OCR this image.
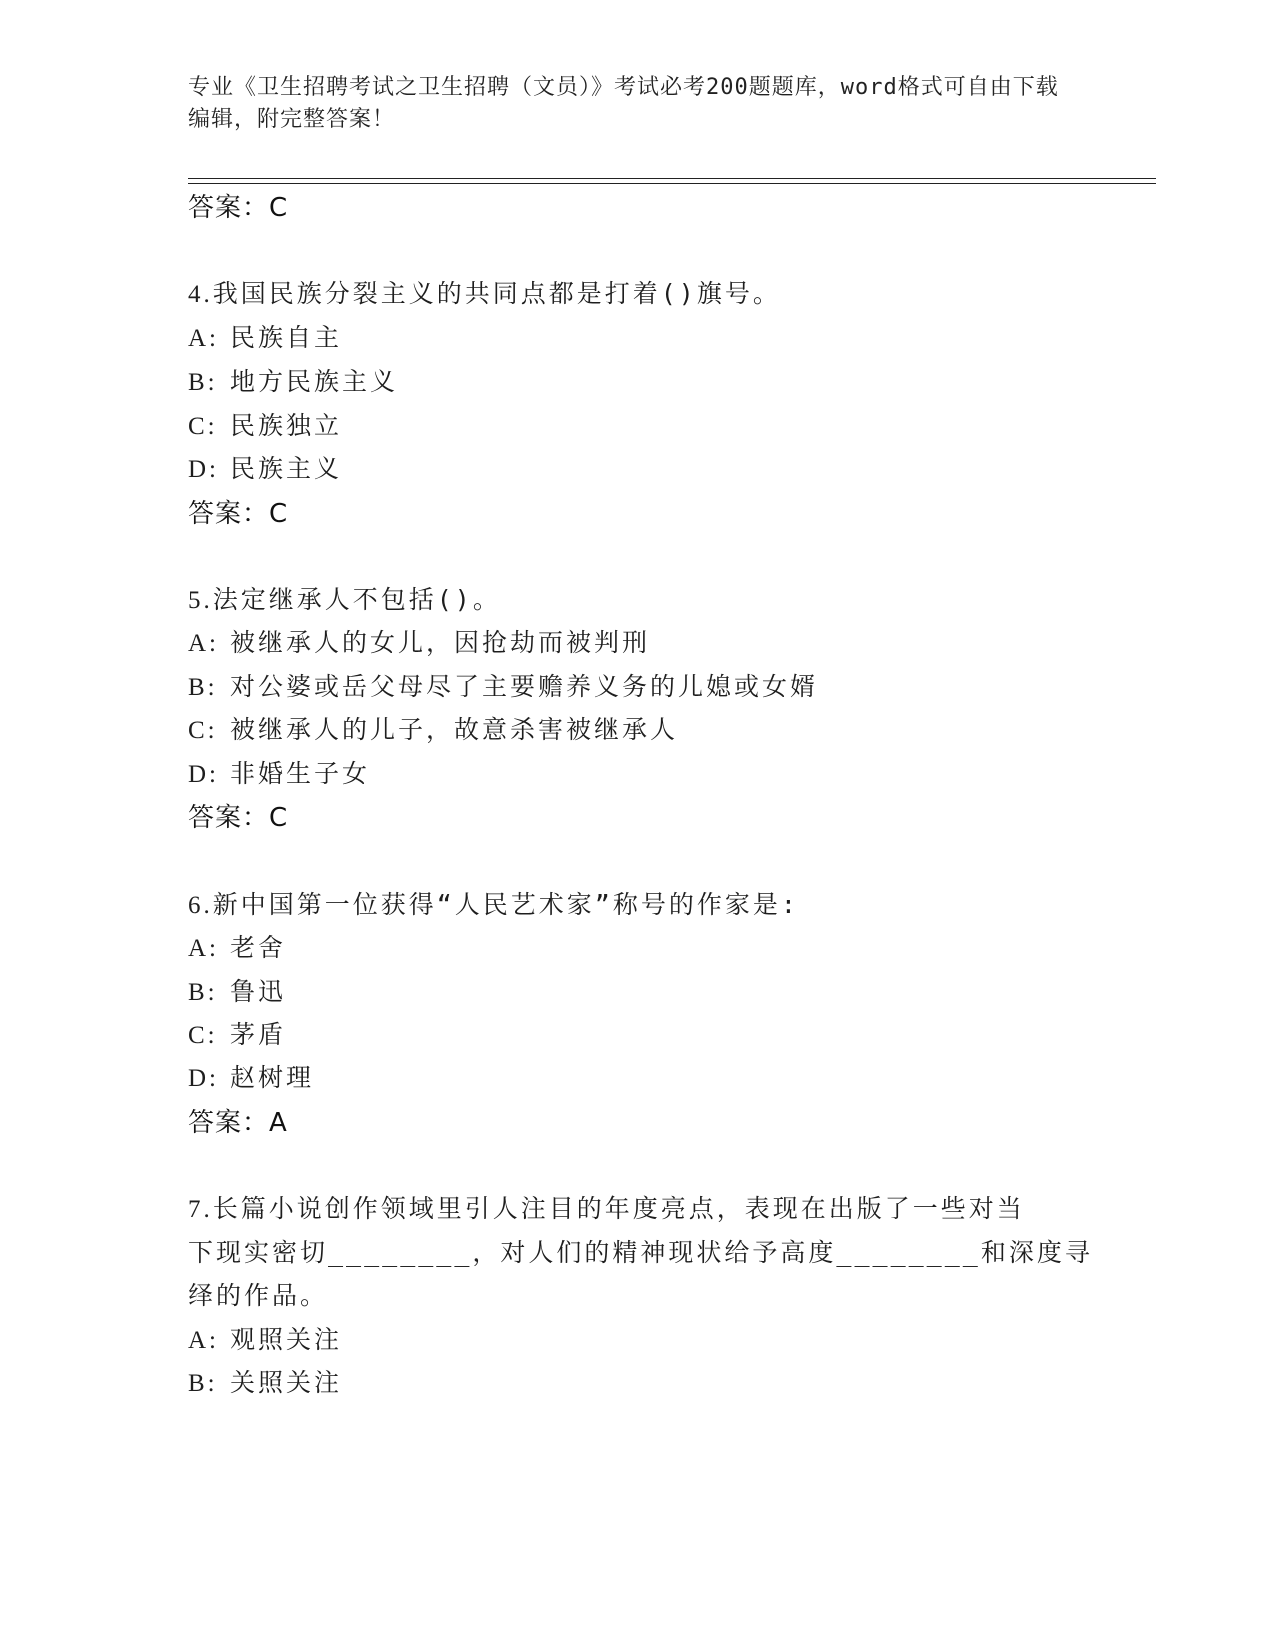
专业《卫生招聘考试之卫生招聘（文员）》考试必考200题题库，word格式可自由下载编辑，附完整答案！
答案：C
4.我国民族分裂主义的共同点都是打着()旗号。
A: 民族自主
B: 地方民族主义
C: 民族独立
D: 民族主义
答案：C
5.法定继承人不包括()。
A: 被继承人的女儿，因抢劫而被判刑
B: 对公婆或岳父母尽了主要赡养义务的儿媳或女婿
C: 被继承人的儿子，故意杀害被继承人
D: 非婚生子女
答案：C
6.新中国第一位获得“人民艺术家”称号的作家是:
A: 老舍
B: 鲁迅
C: 茅盾
D: 赵树理
答案：A
7.长篇小说创作领域里引人注目的年度亮点，表现在出版了一些对当
下现实密切________，对人们的精神现状给予高度________和深度寻
绎的作品。
A: 观照关注
B: 关照关注
